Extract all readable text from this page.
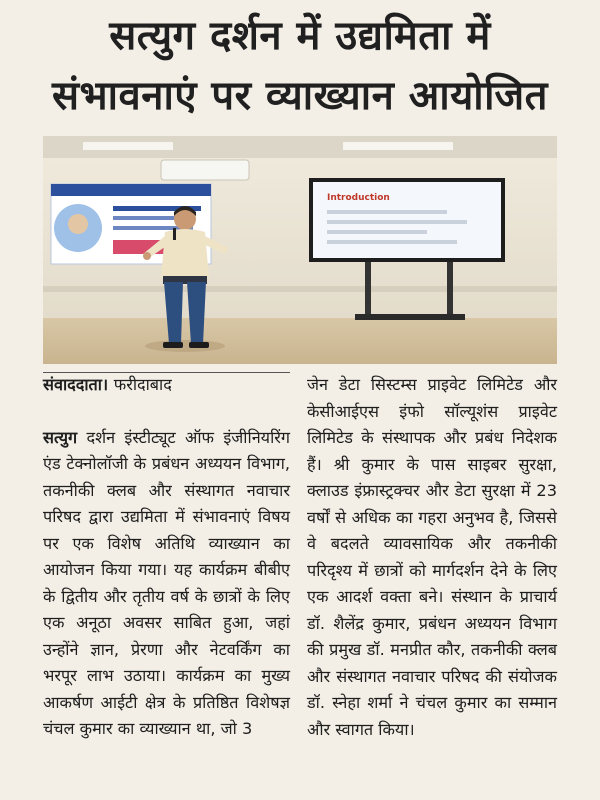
सत्युग दर्शन में उद्यमिता में
संभावनाएं पर व्याख्यान आयोजित
Introduction
संवाददाता। फरीदाबाद
सत्युग दर्शन इंस्टीट्यूट ऑफ इंजीनियरिंग एंड टेक्नोलॉजी के प्रबंधन अध्ययन विभाग, तकनीकी क्लब और संस्थागत नवाचार परिषद द्वारा उद्यमिता में संभावनाएं विषय पर एक विशेष अतिथि व्याख्यान का आयोजन किया गया। यह कार्यक्रम बीबीए के द्वितीय और तृतीय वर्ष के छात्रों के लिए एक अनूठा अवसर साबित हुआ, जहां उन्होंने ज्ञान, प्रेरणा और नेटवर्किंग का भरपूर लाभ उठाया। कार्यक्रम का मुख्य आकर्षण आईटी क्षेत्र के प्रतिष्ठित विशेषज्ञ चंचल कुमार का व्याख्यान था, जो 3
जेन डेटा सिस्टम्स प्राइवेट लिमिटेड और केसीआईएस इंफो सॉल्यूशंस प्राइवेट लिमिटेड के संस्थापक और प्रबंध निदेशक हैं। श्री कुमार के पास साइबर सुरक्षा, क्लाउड इंफ्रास्ट्रक्चर और डेटा सुरक्षा में 23 वर्षों से अधिक का गहरा अनुभव है, जिससे वे बदलते व्यावसायिक और तकनीकी परिदृश्य में छात्रों को मार्गदर्शन देने के लिए एक आदर्श वक्ता बने। संस्थान के प्राचार्य डॉ. शैलेंद्र कुमार, प्रबंधन अध्ययन विभाग की प्रमुख डॉ. मनप्रीत कौर, तकनीकी क्लब और संस्थागत नवाचार परिषद की संयोजक डॉ. स्नेहा शर्मा ने चंचल कुमार का सम्मान और स्वागत किया।
